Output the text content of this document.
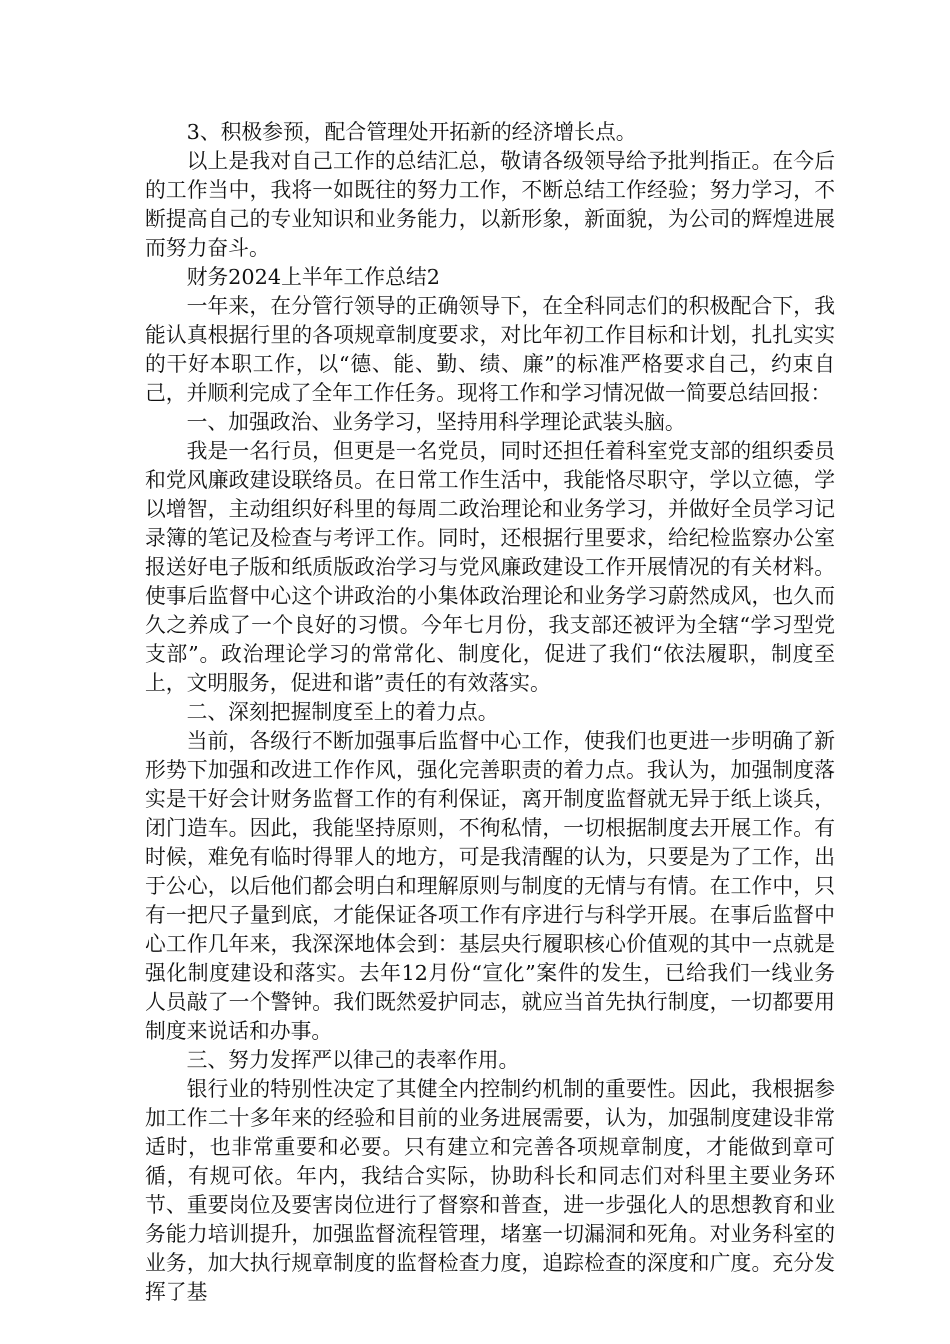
3、积极参预，配合管理处开拓新的经济增长点。

以上是我对自己工作的总结汇总，敬请各级领导给予批判指正。在今后的工作当中，我将一如既往的努力工作，不断总结工作经验；努力学习，不断提高自己的专业知识和业务能力，以新形象，新面貌，为公司的辉煌进展而努力奋斗。

财务2024上半年工作总结2

一年来，在分管行领导的正确领导下，在全科同志们的积极配合下，我能认真根据行里的各项规章制度要求，对比年初工作目标和计划，扎扎实实的干好本职工作，以“德、能、勤、绩、廉”的标准严格要求自己，约束自己，并顺利完成了全年工作任务。现将工作和学习情况做一简要总结回报：

一、加强政治、业务学习，坚持用科学理论武装头脑。

我是一名行员，但更是一名党员，同时还担任着科室党支部的组织委员和党风廉政建设联络员。在日常工作生活中，我能恪尽职守，学以立德，学以增智，主动组织好科里的每周二政治理论和业务学习，并做好全员学习记录簿的笔记及检查与考评工作。同时，还根据行里要求，给纪检监察办公室报送好电子版和纸质版政治学习与党风廉政建设工作开展情况的有关材料。使事后监督中心这个讲政治的小集体政治理论和业务学习蔚然成风，也久而久之养成了一个良好的习惯。今年七月份，我支部还被评为全辖“学习型党支部”。政治理论学习的常常化、制度化，促进了我们“依法履职，制度至上，文明服务，促进和谐”责任的有效落实。

二、深刻把握制度至上的着力点。

当前，各级行不断加强事后监督中心工作，使我们也更进一步明确了新形势下加强和改进工作作风，强化完善职责的着力点。我认为，加强制度落实是干好会计财务监督工作的有利保证，离开制度监督就无异于纸上谈兵，闭门造车。因此，我能坚持原则，不徇私情，一切根据制度去开展工作。有时候，难免有临时得罪人的地方，可是我清醒的认为，只要是为了工作，出于公心，以后他们都会明白和理解原则与制度的无情与有情。在工作中，只有一把尺子量到底，才能保证各项工作有序进行与科学开展。在事后监督中心工作几年来，我深深地体会到：基层央行履职核心价值观的其中一点就是强化制度建设和落实。去年12月份“宣化”案件的发生，已给我们一线业务人员敲了一个警钟。我们既然爱护同志，就应当首先执行制度，一切都要用制度来说话和办事。

三、努力发挥严以律己的表率作用。

银行业的特别性决定了其健全内控制约机制的重要性。因此，我根据参加工作二十多年来的经验和目前的业务进展需要，认为，加强制度建设非常适时，也非常重要和必要。只有建立和完善各项规章制度，才能做到章可循，有规可依。年内，我结合实际，协助科长和同志们对科里主要业务环节、重要岗位及要害岗位进行了督察和普查，进一步强化人的思想教育和业务能力培训提升，加强监督流程管理，堵塞一切漏洞和死角。对业务科室的业务，加大执行规章制度的监督检查力度，追踪检查的深度和广度。充分发挥了基
